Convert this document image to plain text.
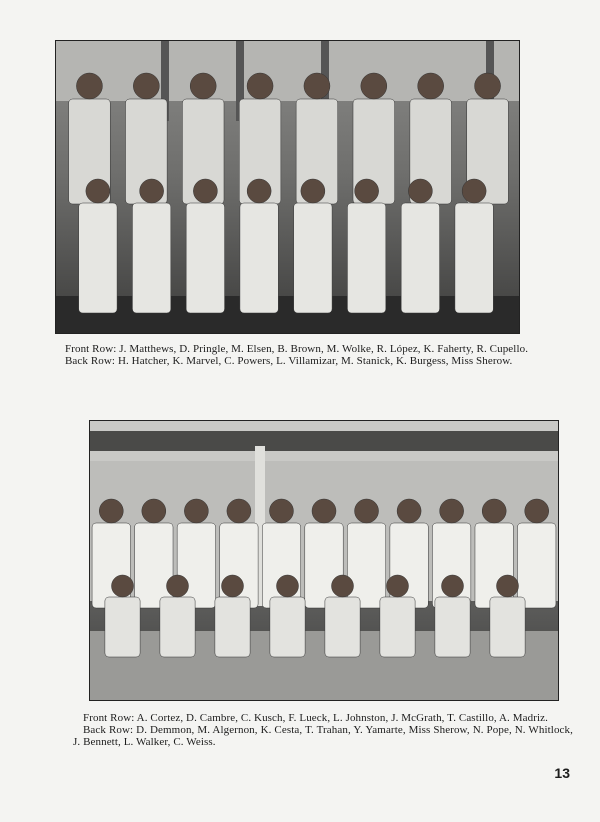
Front Row: J. Matthews, D. Pringle, M. Elsen, B. Brown, M. Wolke, R. López, K. Faherty, R. Cupello.

Back Row: H. Hatcher, K. Marvel, C. Powers, L. Villamizar, M. Stanick, K. Burgess, Miss Sherow.

Front Row: A. Cortez, D. Cambre, C. Kusch, F. Lueck, L. Johnston, J. McGrath, T. Castillo, A. Madriz.

Back Row: D. Demmon, M. Algernon, K. Cesta, T. Trahan, Y. Yamarte, Miss Sherow, N. Pope, N. Whitlock, J. Bennett, L. Walker, C. Weiss.

13
